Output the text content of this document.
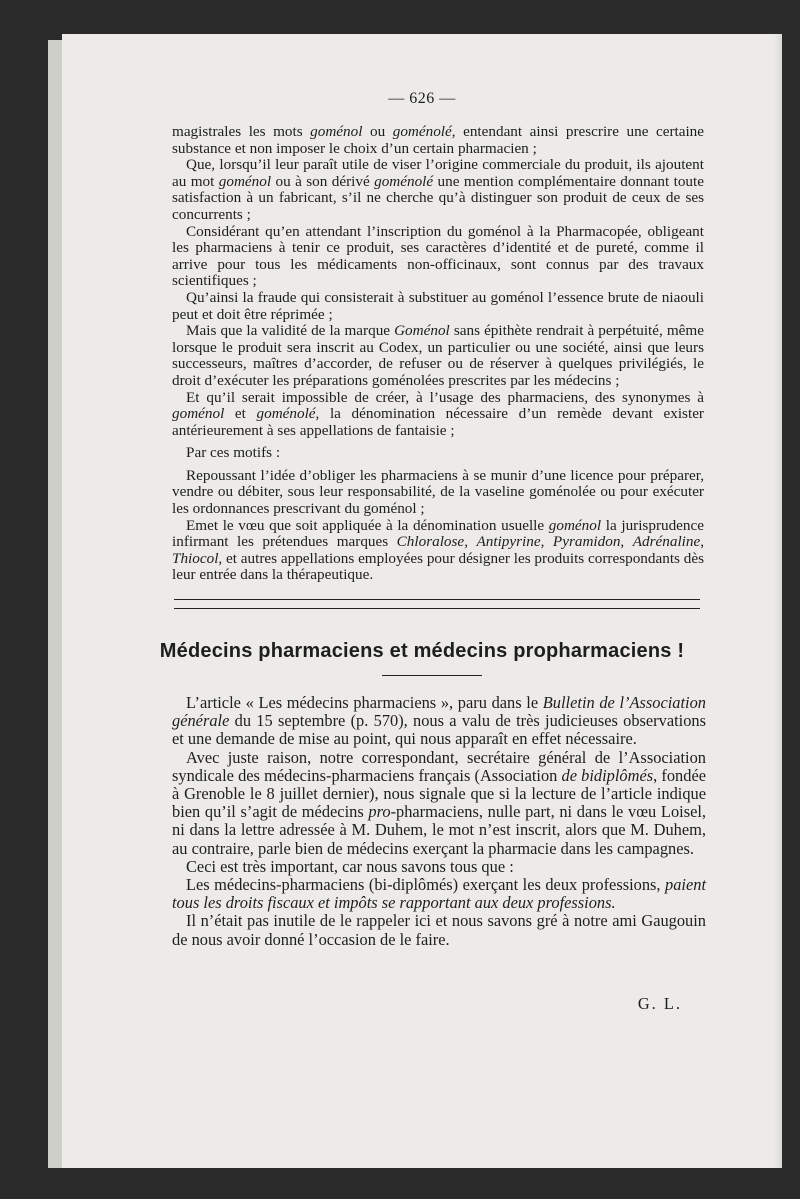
— 626 —

magistrales les mots goménol ou goménolé, entendant ainsi prescrire une certaine substance et non imposer le choix d’un certain pharmacien ;

Que, lorsqu’il leur paraît utile de viser l’origine commerciale du produit, ils ajoutent au mot goménol ou à son dérivé goménolé une mention complémentaire donnant toute satisfaction à un fabricant, s’il ne cherche qu’à distinguer son produit de ceux de ses concurrents ;

Considérant qu’en attendant l’inscription du goménol à la Pharmacopée, obligeant les pharmaciens à tenir ce produit, ses caractères d’identité et de pureté, comme il arrive pour tous les médicaments non-officinaux, sont connus par des travaux scientifiques ;

Qu’ainsi la fraude qui consisterait à substituer au goménol l’essence brute de niaouli peut et doit être réprimée ;

Mais que la validité de la marque Goménol sans épithète rendrait à perpétuité, même lorsque le produit sera inscrit au Codex, un particulier ou une société, ainsi que leurs successeurs, maîtres d’accorder, de refuser ou de réserver à quelques privilégiés, le droit d’exécuter les préparations goménolées prescrites par les médecins ;

Et qu’il serait impossible de créer, à l’usage des pharmaciens, des synonymes à goménol et goménolé, la dénomination nécessaire d’un remède devant exister antérieurement à ses appellations de fantaisie ;

Par ces motifs :

Repoussant l’idée d’obliger les pharmaciens à se munir d’une licence pour préparer, vendre ou débiter, sous leur responsabilité, de la vaseline goménolée ou pour exécuter les ordonnances prescrivant du goménol ;

Emet le vœu que soit appliquée à la dénomination usuelle goménol la jurisprudence infirmant les prétendues marques Chloralose, Antipyrine, Pyramidon, Adrénaline, Thiocol, et autres appellations employées pour désigner les produits correspondants dès leur entrée dans la thérapeutique.

Médecins pharmaciens et médecins propharmaciens !

L’article « Les médecins pharmaciens », paru dans le Bulletin de l’Association générale du 15 septembre (p. 570), nous a valu de très judicieuses observations et une demande de mise au point, qui nous apparaît en effet nécessaire.

Avec juste raison, notre correspondant, secrétaire général de l’Association syndicale des médecins-pharmaciens français (Association de bidiplômés, fondée à Grenoble le 8 juillet dernier), nous signale que si la lecture de l’article indique bien qu’il s’agit de médecins pro-pharmaciens, nulle part, ni dans le vœu Loisel, ni dans la lettre adressée à M. Duhem, le mot n’est inscrit, alors que M. Duhem, au contraire, parle bien de médecins exerçant la pharmacie dans les campagnes.

Ceci est très important, car nous savons tous que :

Les médecins-pharmaciens (bi-diplômés) exerçant les deux professions, paient tous les droits fiscaux et impôts se rapportant aux deux professions.

Il n’était pas inutile de le rappeler ici et nous savons gré à notre ami Gaugouin de nous avoir donné l’occasion de le faire.

G. L.
